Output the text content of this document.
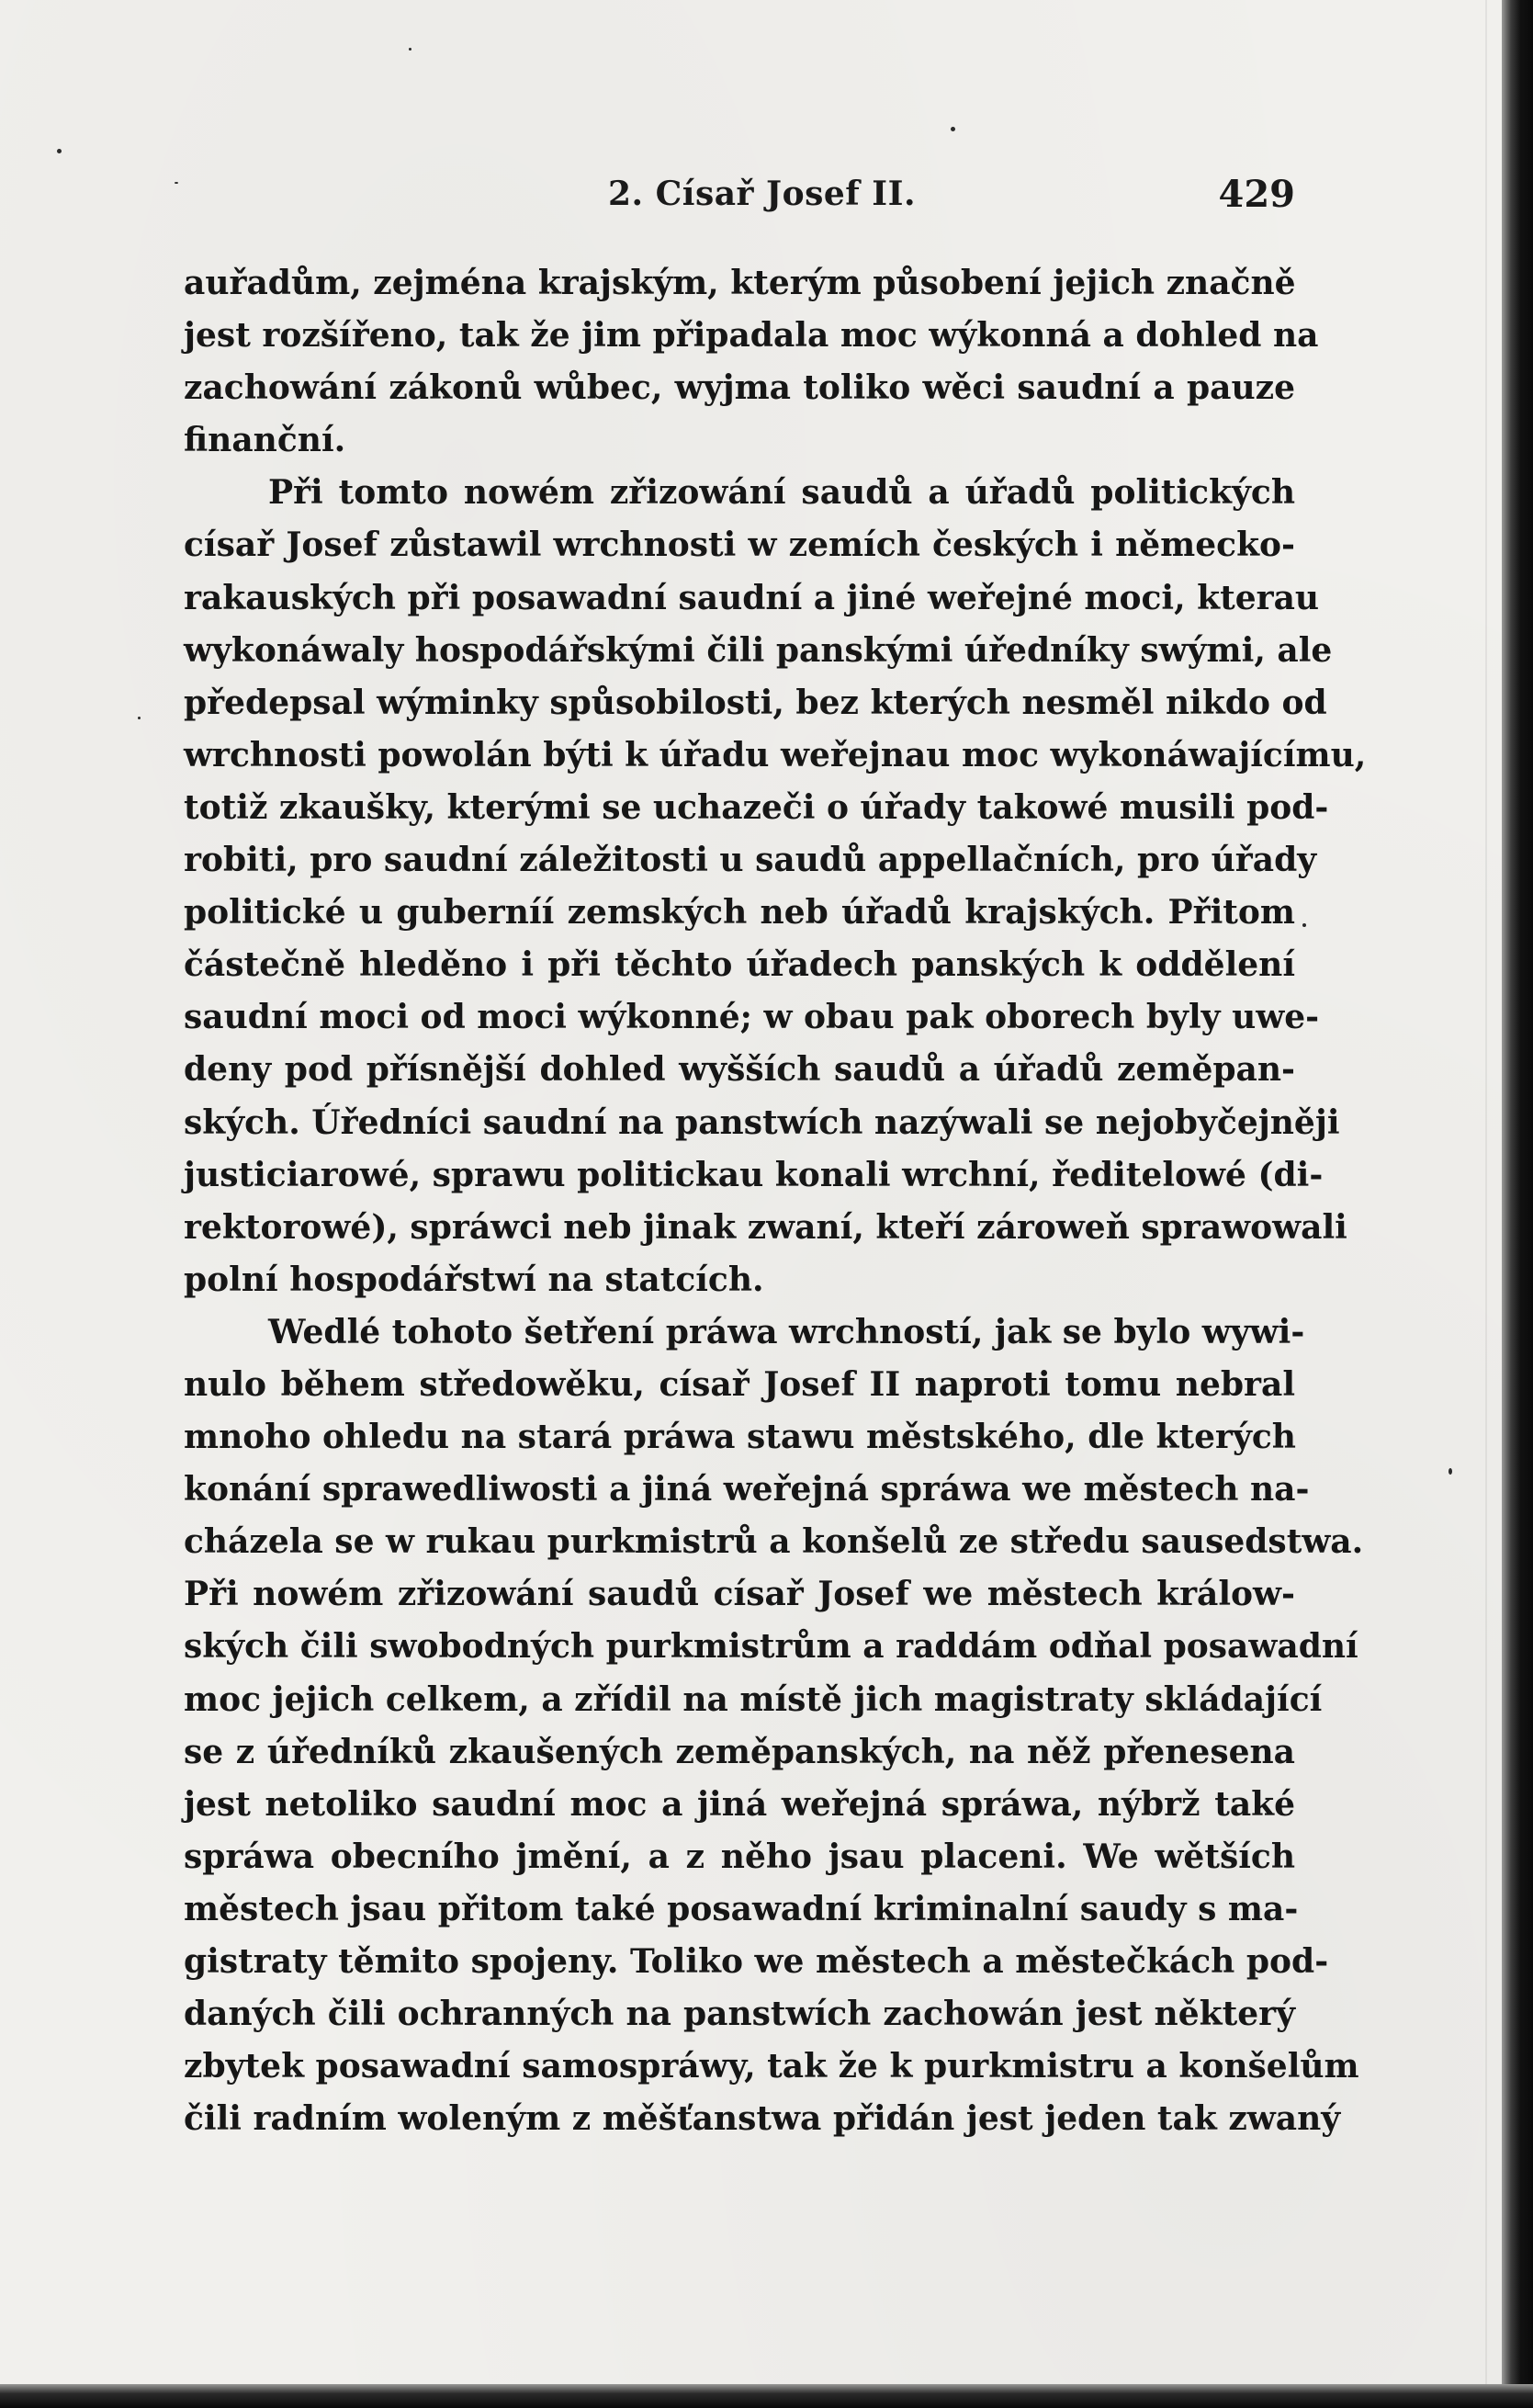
2. Císař Josef II.	429

auřadům, zejména krajským, kterým působení jejich značně
jest rozšířeno, tak že jim připadala moc wýkonná a dohled na
zachowání zákonů wůbec, wyjma toliko wěci saudní a pauze
finanční.

Při tomto nowém zřizowání saudů a úřadů politických
císař Josef zůstawil wrchnosti w zemích českých i německo-
rakauských při posawadní saudní a jiné weřejné moci, kterau
wykonáwaly hospodářskými čili panskými úředníky swými, ale
předepsal wýminky spůsobilosti, bez kterých nesměl nikdo od
wrchnosti powolán býti k úřadu weřejnau moc wykonáwajícímu,
totiž zkaušky, kterými se uchazeči o úřady takowé musili pod-
robiti, pro saudní záležitosti u saudů appellačních, pro úřady
politické u guberníí zemských neb úřadů krajských. Přitom
částečně hleděno i při těchto úřadech panských k oddělení
saudní moci od moci wýkonné; w obau pak oborech byly uwe-
deny pod přísnější dohled wyšších saudů a úřadů zeměpan-
ských. Úředníci saudní na panstwích nazýwali se nejobyčejněji
justiciarowé, sprawu politickau konali wrchní, ředitelowé (di-
rektorowé), spráwci neb jinak zwaní, kteří zároweň sprawowali
polní hospodářstwí na statcích.

Wedlé tohoto šetření práwa wrchností, jak se bylo wywi-
nulo během středowěku, císař Josef II naproti tomu nebral
mnoho ohledu na stará práwa stawu městského, dle kterých
konání sprawedliwosti a jiná weřejná spráwa we městech na-
cházela se w rukau purkmistrů a konšelů ze středu sausedstwa.
Při nowém zřizowání saudů císař Josef we městech králow-
ských čili swobodných purkmistrům a raddám odňal posawadní
moc jejich celkem, a zřídil na místě jich magistraty skládající
se z úředníků zkaušených zeměpanských, na něž přenesena
jest netoliko saudní moc a jiná weřejná spráwa, nýbrž také
spráwa obecního jmění, a z něho jsau placeni. We wětších
městech jsau přitom také posawadní kriminalní saudy s ma-
gistraty těmito spojeny. Toliko we městech a městečkách pod-
daných čili ochranných na panstwích zachowán jest některý
zbytek posawadní samospráwy, tak že k purkmistru a konšelům
čili radním woleným z měšťanstwa přidán jest jeden tak zwaný
